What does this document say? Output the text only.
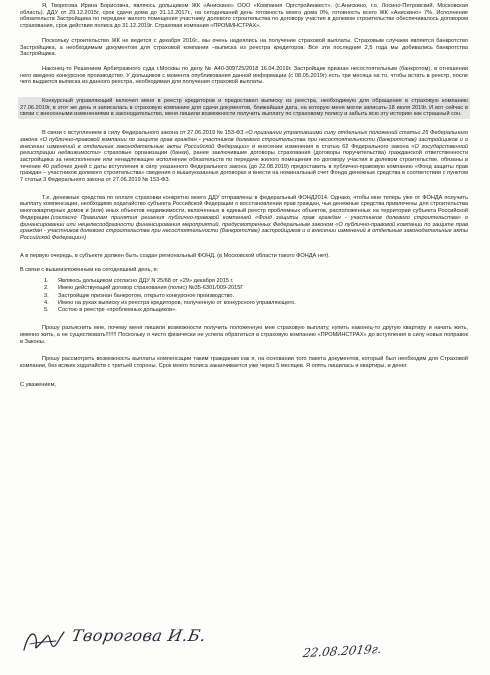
Я, Творогова Ирина Борисовна, являюсь дольщиком ЖК «Анискино» ООО «Компания Оргстройинвест». (с.Анискино, г.о. Лосино-Петровский, Московская область). ДДУ от 29.12.2015г, срок сдачи дома до 31.12.2017г., на сегодняшний день готовность моего дома 0%, готовность всего ЖК «Анискино» 7%. Исполнение обязательств Застройщика по передаче жилого помещения участнику долевого строительства по договору участия в долевом строительстве обеспечивалось договором страхования, срок действия полиса до 31.12.2019г. Страховая компания «ПРОМИНСТРАХ».

Поскольку строительство ЖК не ведется с декабря 2016г., мы очень надеялись на получение страховой выплаты. Страховым случаем является банкротство Застройщика, а необходимым документом для страховой компании –выписка из реестра кредиторов. Все эти последние 2,5 года мы добивались банкротства Застройщика.

Наконец-то Решением Арбитражного суда г.Москвы по делу № А40-309725/2018 16.04.2019г. Застройщик признан несостоятельным (банкротом), в отношении него введено конкурсное производство. У дольщиков с момента опубликования данной информации (с 08.05.2019г) есть три месяца на то, чтобы встать в реестр, после чего выдается выписка из данного реестра, необходимая для получения страховой выплаты.

Конкурсный управляющий включил меня в реестр кредиторов и предоставил выписку из реестра, необходимую для обращения в страховую компанию 27.06.2019г, в этот же день я записалась в страховую компанию для сдачи документов, ближайшая дата, на которую меня могли записать-18 июля 2019г. И вот сейчас в связи с внесенными изменениями в законодательство, меня лишили возможности получить выплату по страховому полису и забыть всю эту историю как страшный сон.

В связи с вступлением в силу Федерального закона от 27.06.2019 № 153-ФЗ «О признании утратившими силу отдельных положений статьи 25 Федерального закона «О публично-правовой компании по защите прав граждан - участников долевого строительства при несостоятельности (банкротстве) застройщиков и о внесении изменений в отдельные законодательные акты Российской Федерации» и внесении изменения в статью 62 Федерального закона «О государственной регистрации недвижимости» страховые организации (банки), ранее заключившие договоры страхования (договоры поручительства) гражданской ответственности застройщика за неисполнение или ненадлежащее исполнение обязательств по передаче жилого помещения по договору участия в долевом строительстве, обязаны в течение 40 рабочих дней с даты вступления в силу указанного Федерального закона (до 22.08.2019) предоставить в публично-правовую компанию «Фонд защиты прав граждан – участников долевого строительства» сведения о вышеуказанных договорах и внести на номинальный счет Фонда денежные средства в соответствии с пунктом 7 статьи 3 Федерального закона от 27.06.2019 № 153-ФЗ.

Т.е. денежные средства по оплате страховки конкретно моего ДДУ отправлены в федеральный ФОНД2014. Однако, чтобы мне теперь уже от ФОНДА получить выплату компенсации, необходимо ходатайство субъекта Российской Федерации о восстановлении прав граждан, чьи денежные средства привлечены для строительства многоквартирных домов и (или) иных объектов недвижимости, включенных в единый реестр проблемных объектов, расположенных на территории субъекта Российской Федерации.(согласно Правилам принятия решения публично-правовой компанией «Фонд защиты прав граждан - участников долевого строительства» о финансировании или нецелесообразности финансирования мероприятий, предусмотренных Федеральным законом «О публично-правовой компании по защите прав граждан - участников долевого строительства при несостоятельности (банкротстве) застройщиков и о внесении изменений в отдельные законодательные акты Российской Федерации»)

А в первую очередь, в субъекте должен быть создан региональный ФОНД. (в Московской области такого ФОНДА нет).

В связи с вышеизложенным на сегодняшний день, я:

1. Являюсь дольщиком согласно ДДУ N 25/68 от «29» декабря 2015 г.
2. Имею действующий договор страхования (полис) №35-6301/009-2015Г
3. Застройщик признан банкротом, открыто конкурсное производство.
4. Имею на руках выписку из реестра кредиторов, полученную от конкурсного управляющего.
5. Состою в реестре «проблемных дольщиков».

Прошу разъяснить мне, почему меня лишили возможности получить положенную мне страховую выплату, купить наконец-то другую квартиру и начать жить, именно жить, а не существовать!!!!!!! Поскольку я чисто физически не успела обратиться в страховую компанию «ПРОМИНСТРАХ» до вступления в силу новых поправок в Законы.

Прошу рассмотреть возможность выплаты компенсации таким гражданам как я, на основании того пакета документов, который был необходим для Страховой компании, без всяких ходатайств с третьей стороны. Срок моего полиса заканчивается уже через 5 месяцев. Я опять лишилась и квартиры, и денег.

С уважением,

Творогова И.Б.
22.08.2019г.
